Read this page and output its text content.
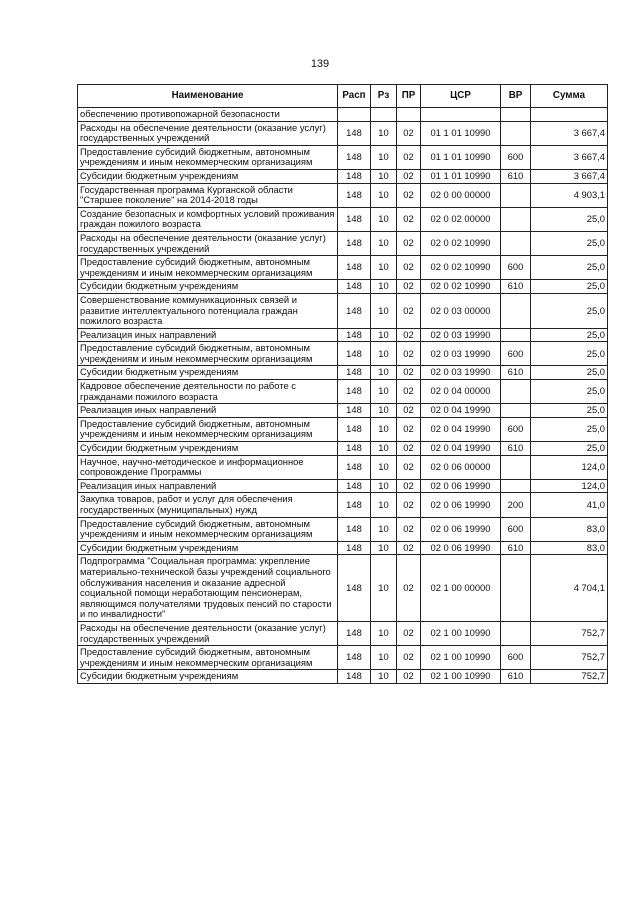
139
Наименование	Расп	Рз	ПР	ЦСР	ВР	Сумма
обеспечению противопожарной безопасности						
Расходы на обеспечение деятельности (оказание услуг) государственных учреждений	148	10	02	01 1 01 10990		3 667,4
Предоставление субсидий бюджетным, автономным учреждениям и иным некоммерческим организациям	148	10	02	01 1 01 10990	600	3 667,4
Субсидии бюджетным учреждениям	148	10	02	01 1 01 10990	610	3 667,4
Государственная программа Курганской области "Старшее поколение" на 2014-2018 годы	148	10	02	02 0 00 00000		4 903,1
Создание безопасных и комфортных условий проживания граждан пожилого возраста	148	10	02	02 0 02 00000		25,0
Расходы на обеспечение деятельности (оказание услуг) государственных учреждений	148	10	02	02 0 02 10990		25,0
Предоставление субсидий бюджетным, автономным учреждениям и иным некоммерческим организациям	148	10	02	02 0 02 10990	600	25,0
Субсидии бюджетным учреждениям	148	10	02	02 0 02 10990	610	25,0
Совершенствование коммуникационных связей и развитие интеллектуального потенциала граждан пожилого возраста	148	10	02	02 0 03 00000		25,0
Реализация иных направлений	148	10	02	02 0 03 19990		25,0
Предоставление субсидий бюджетным, автономным учреждениям и иным некоммерческим организациям	148	10	02	02 0 03 19990	600	25,0
Субсидии бюджетным учреждениям	148	10	02	02 0 03 19990	610	25,0
Кадровое обеспечение деятельности по работе с гражданами пожилого возраста	148	10	02	02 0 04 00000		25,0
Реализация иных направлений	148	10	02	02 0 04 19990		25,0
Предоставление субсидий бюджетным, автономным учреждениям и иным некоммерческим организациям	148	10	02	02 0 04 19990	600	25,0
Субсидии бюджетным учреждениям	148	10	02	02 0 04 19990	610	25,0
Научное, научно-методическое и информационное сопровождение Программы	148	10	02	02 0 06 00000		124,0
Реализация иных направлений	148	10	02	02 0 06 19990		124,0
Закупка товаров, работ и услуг для обеспечения государственных (муниципальных) нужд	148	10	02	02 0 06 19990	200	41,0
Предоставление субсидий бюджетным, автономным учреждениям и иным некоммерческим организациям	148	10	02	02 0 06 19990	600	83,0
Субсидии бюджетным учреждениям	148	10	02	02 0 06 19990	610	83,0
Подпрограмма "Социальная программа: укрепление материально-технической базы учреждений социального обслуживания населения и оказание адресной социальной помощи неработающим пенсионерам, являющимся получателями трудовых пенсий по старости и по инвалидности"	148	10	02	02 1 00 00000		4 704,1
Расходы на обеспечение деятельности (оказание услуг) государственных учреждений	148	10	02	02 1 00 10990		752,7
Предоставление субсидий бюджетным, автономным учреждениям и иным некоммерческим организациям	148	10	02	02 1 00 10990	600	752,7
Субсидии бюджетным учреждениям	148	10	02	02 1 00 10990	610	752,7
